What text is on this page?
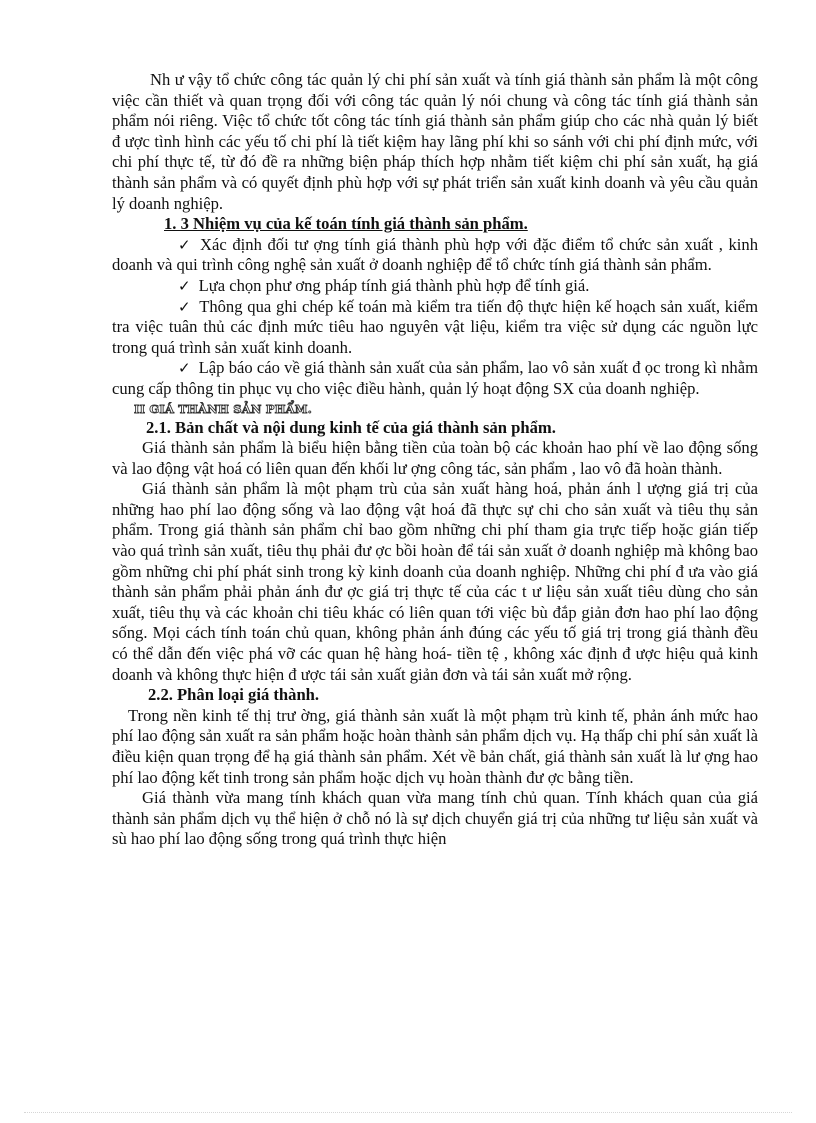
Nh ư vậy tổ chức công tác quản lý chi phí sản xuất và tính giá thành sản phẩm là một công việc cần thiết và quan trọng đối với công tác quản lý nói chung và công tác tính giá thành sản phẩm nói riêng. Việc tổ chức tốt công tác tính giá thành sản phẩm giúp cho các nhà quản lý biết đ ược tình hình các yếu tố chi phí là tiết kiệm hay lãng phí khi so sánh với chi phí định mức, với chi phí thực tế, từ đó đề ra những biện pháp thích hợp nhằm tiết kiệm chi phí sản xuất, hạ giá thành sản phẩm và có quyết định phù hợp với sự phát triển sản xuất kinh doanh và yêu cầu quản lý doanh nghiệp.

1. 3 Nhiệm vụ của kế toán tính giá thành sản phẩm.

✓ Xác định đối tư ợng tính giá thành phù hợp với đặc điểm tổ chức sản xuất , kinh doanh và qui trình công nghệ sản xuất ở doanh nghiệp để tổ chức tính giá thành sản phẩm.

✓ Lựa chọn phư ơng pháp tính giá thành phù hợp để tính giá.

✓ Thông qua ghi chép kế toán mà kiểm tra tiến độ thực hiện kế hoạch sản xuất, kiểm tra việc tuân thủ các định mức tiêu hao nguyên vật liệu, kiểm tra việc sử dụng các nguồn lực trong quá trình sản xuất kinh doanh.

✓ Lập báo cáo về giá thành sản xuất của sản phẩm, lao vô sản xuất đ ọc trong kì nhằm cung cấp thông tin phục vụ cho việc điều hành, quản lý hoạt động SX của doanh nghiệp.

II GIÁ THÀNH SẢN PHẨM.

2.1. Bản chất và nội dung kinh tế của giá thành sản phẩm.

Giá thành sản phẩm là biểu hiện bằng tiền của toàn bộ các khoản hao phí về lao động sống và lao động vật hoá có liên quan đến khối lư ợng công tác, sản phẩm , lao vô đã hoàn thành.

Giá thành sản phẩm là một phạm trù của sản xuất hàng hoá, phản ánh l ượng giá trị của những hao phí lao động sống và lao động vật hoá đã thực sự chi cho sản xuất và tiêu thụ sản phẩm. Trong giá thành sản phẩm chỉ bao gồm những chi phí tham gia trực tiếp hoặc gián tiếp vào quá trình sản xuất, tiêu thụ phải đư ợc bồi hoàn để tái sản xuất ở doanh nghiệp mà không bao gồm những chi phí phát sinh trong kỳ kinh doanh của doanh nghiệp. Những chi phí đ ưa vào giá thành sản phẩm phải phản ánh đư ợc giá trị thực tế của các t ư liệu sản xuất tiêu dùng cho sản xuất, tiêu thụ và các khoản chi tiêu khác có liên quan tới việc bù đắp giản đơn hao phí lao động sống. Mọi cách tính toán chủ quan, không phản ánh đúng các yếu tố giá trị trong giá thành đều có thể dẫn đến việc phá vỡ các quan hệ hàng hoá- tiền tệ , không xác định đ ược hiệu quả kinh doanh và không thực hiện đ ược tái sản xuất giản đơn và tái sản xuất mở rộng.

2.2. Phân loại giá thành.

Trong nền kinh tế thị trư ờng, giá thành sản xuất là một phạm trù kinh tế, phản ánh mức hao phí lao động sản xuất ra sản phẩm hoặc hoàn thành sản phẩm dịch vụ. Hạ thấp chi phí sản xuất là điều kiện quan trọng để hạ giá thành sản phẩm. Xét về bản chất, giá thành sản xuất là lư ợng hao phí lao động kết tinh trong sản phẩm hoặc dịch vụ hoàn thành đư ợc bằng tiền.

Giá thành vừa mang tính khách quan vừa mang tính chủ quan. Tính khách quan của giá thành sản phẩm dịch vụ thể hiện ở chỗ nó là sự dịch chuyển giá trị của những tư liệu sản xuất và sù hao phí lao động sống trong quá trình thực hiện
